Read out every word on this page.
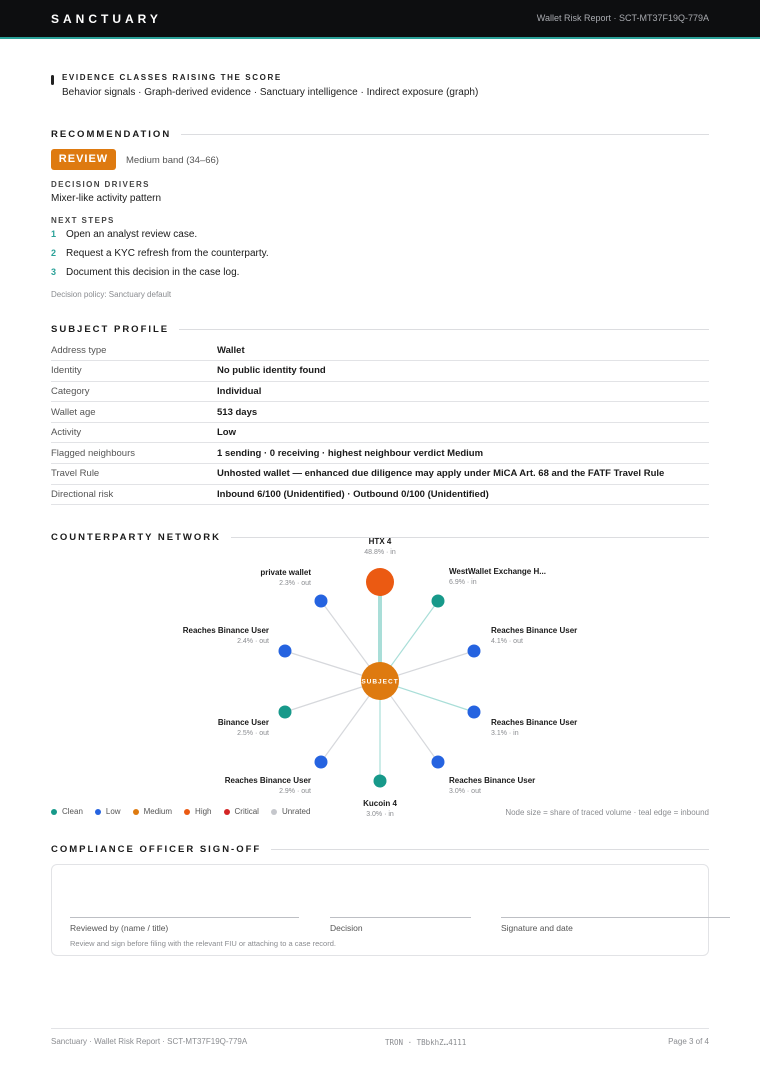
SANCTUARY	Wallet Risk Report · SCT-MT37F19Q-779A
EVIDENCE CLASSES RAISING THE SCORE
Behavior signals · Graph-derived evidence · Sanctuary intelligence · Indirect exposure (graph)
RECOMMENDATION
REVIEW	Medium band (34–66)
DECISION DRIVERS
Mixer-like activity pattern
NEXT STEPS
1 Open an analyst review case.
2 Request a KYC refresh from the counterparty.
3 Document this decision in the case log.
Decision policy: Sanctuary default
SUBJECT PROFILE
Address type	Wallet
Identity	No public identity found
Category	Individual
Wallet age	513 days
Activity	Low
Flagged neighbours	1 sending · 0 receiving · highest neighbour verdict Medium
Travel Rule	Unhosted wallet — enhanced due diligence may apply under MiCA Art. 68 and the FATF Travel Rule
Directional risk	Inbound 6/100 (Unidentified) · Outbound 0/100 (Unidentified)
COUNTERPARTY NETWORK	HTX 4
48.8% · in
WestWallet Exchange H...
6.9% · in
Reaches Binance User
4.1% · out
Reaches Binance User
3.1% · in
Reaches Binance User
3.0% · out
Kucoin 4
3.0% · in
Reaches Binance User
2.9% · out
Binance User
2.5% · out
Reaches Binance User
2.4% · out
private wallet
2.3% · out
SUBJECT
Clean	Low	Medium	High	Critical	Unrated	Node size = share of traced volume · teal edge = inbound
COMPLIANCE OFFICER SIGN-OFF
Reviewed by (name / title)	Decision	Signature and date
Review and sign before filing with the relevant FIU or attaching to a case record.
Sanctuary · Wallet Risk Report · SCT-MT37F19Q-779A	TRON · TBbkhZ…4111	Page 3 of 4
